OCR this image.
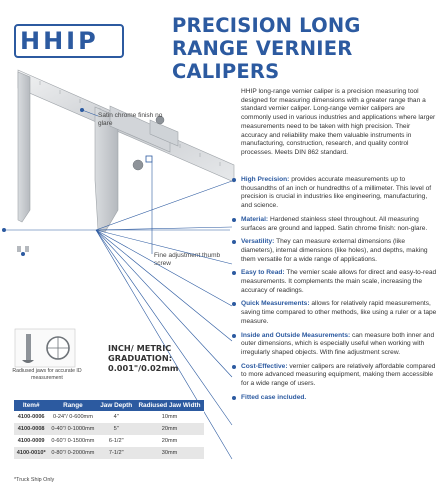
HHIP
PRECISION LONG RANGE VERNIER CALIPERS
Satin chrome finish no glare
Fine adjustment thumb screw
HHIP long-range vernier caliper is a precision measuring tool designed for measuring dimensions with a greater range than a standard vernier caliper. Long-range vernier calipers are commonly used in various industries and applications where larger measurements need to be taken with high precision. Their accuracy and reliability make them valuable instruments in manufacturing, construction, research, and quality control processes. Meets DIN 862 standard.
High Precision: provides accurate measurements up to thousandths of an inch or hundredths of a millimeter. This level of precision is crucial in industries like engineering, manufacturing, and science.
Material: Hardened stainless steel throughout. All measuring surfaces are ground and lapped. Satin chrome finish: non-glare.
Versatility: They can measure external dimensions (like diameters), internal dimensions (like holes), and depths, making them versatile for a wide range of applications.
Easy to Read: The vernier scale allows for direct and easy-to-read measurements. It complements the main scale, increasing the accuracy of readings.
Quick Measurements: allows for relatively rapid measurements, saving time compared to other methods, like using a ruler or a tape measure.
Inside and Outside Measurements: can measure both inner and outer dimensions, which is especially useful when working with irregularly shaped objects. With fine adjustment screw.
Cost-Effective: vernier calipers are relatively affordable compared to more advanced measuring equipment, making them accessible for a wide range of users.
Fitted case included.
Radiused jaws for accurate ID measurement
INCH/ METRIC GRADUATION:
0.001"/0.02mm
Item#	Range	Jaw Depth	Radiused Jaw Width
4100-0006	0-24"/ 0-600mm	4"	10mm
4100-0008	0-40"/ 0-1000mm	5"	20mm
4100-0009	0-60"/ 0-1500mm	6-1/2"	20mm
4100-0010*	0-80"/ 0-2000mm	7-1/2"	30mm
*Truck Ship Only
